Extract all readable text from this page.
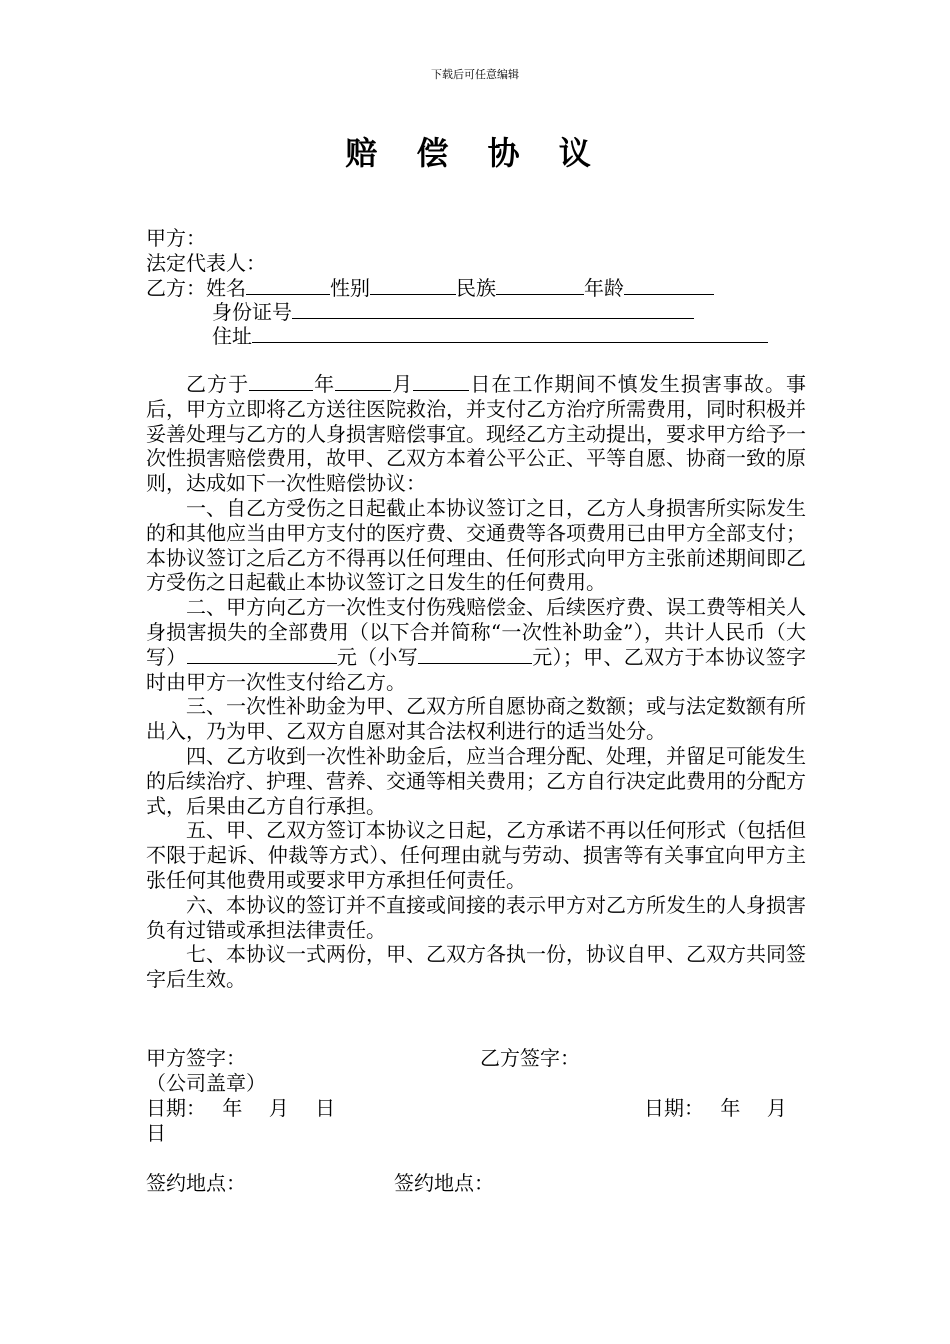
下载后可任意编辑
赔 偿 协 议
甲方：
法定代表人：
乙方：姓名	性别	民族	年龄
身份证号
住址

乙方于	年	月	日在工作期间不慎发生损害事故。事后，甲方立即将乙方送往医院救治，并支付乙方治疗所需费用，同时积极并妥善处理与乙方的人身损害赔偿事宜。现经乙方主动提出，要求甲方给予一次性损害赔偿费用，故甲、乙双方本着公平公正、平等自愿、协商一致的原则，达成如下一次性赔偿协议：

一、自乙方受伤之日起截止本协议签订之日，乙方人身损害所实际发生的和其他应当由甲方支付的医疗费、交通费等各项费用已由甲方全部支付；本协议签订之后乙方不得再以任何理由、任何形式向甲方主张前述期间即乙方受伤之日起截止本协议签订之日发生的任何费用。

二、甲方向乙方一次性支付伤残赔偿金、后续医疗费、误工费等相关人身损害损失的全部费用（以下合并简称“一次性补助金”），共计人民币（大写）	元（小写	元）；甲、乙双方于本协议签字时由甲方一次性支付给乙方。

三、一次性补助金为甲、乙双方所自愿协商之数额；或与法定数额有所出入，乃为甲、乙双方自愿对其合法权利进行的适当处分。

四、乙方收到一次性补助金后，应当合理分配、处理，并留足可能发生的后续治疗、护理、营养、交通等相关费用；乙方自行决定此费用的分配方式，后果由乙方自行承担。

五、甲、乙双方签订本协议之日起，乙方承诺不再以任何形式（包括但不限于起诉、仲裁等方式）、任何理由就与劳动、损害等有关事宜向甲方主张任何其他费用或要求甲方承担任何责任。

六、本协议的签订并不直接或间接的表示甲方对乙方所发生的人身损害负有过错或承担法律责任。

七、本协议一式两份，甲、乙双方各执一份，协议自甲、乙双方共同签字后生效。

甲方签字：	乙方签字：
（公司盖章）
日期：　 年　 月　 日	日期：　 年　 月
日
签约地点：	签约地点：
